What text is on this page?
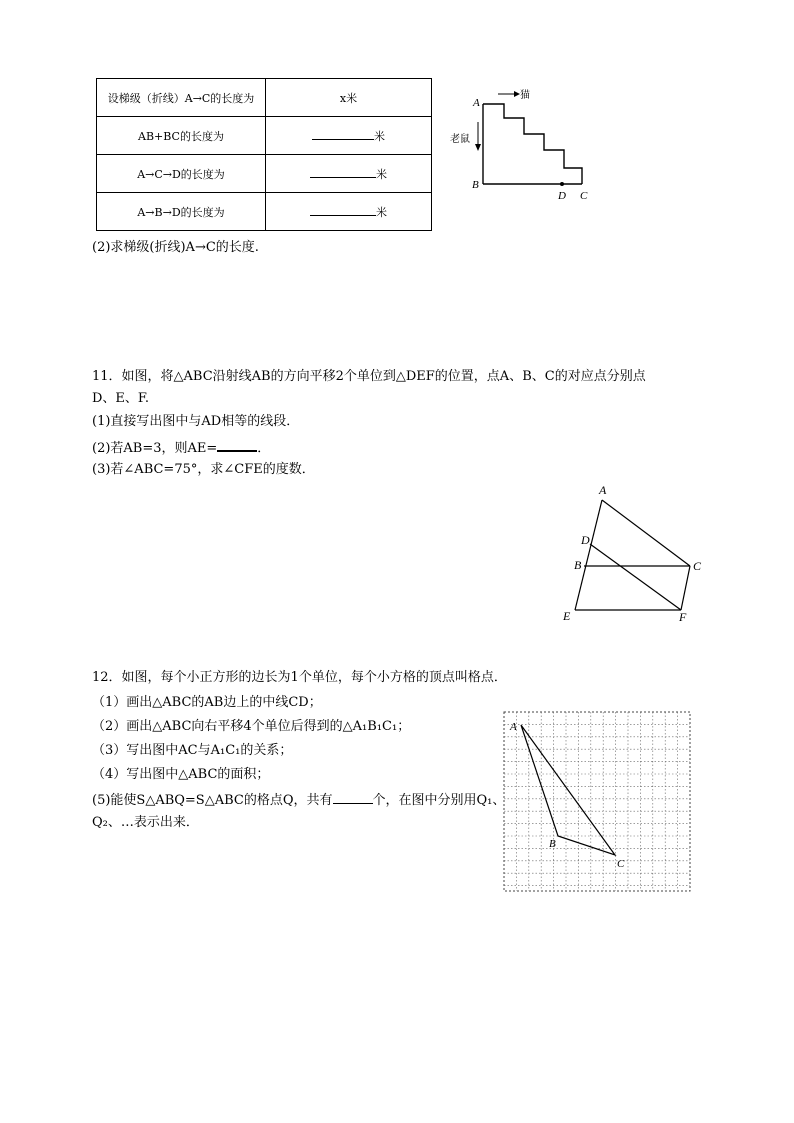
设梯级（折线）A→C的长度为	x米
AB+BC的长度为	米
A→C→D的长度为	米
A→B→D的长度为	米
A
B
D C
猫
老鼠
(2)求梯级(折线)A→C的长度.
11．如图，将△ABC沿射线AB的方向平移2个单位到△DEF的位置，点A、B、C的对应点分别点
D、E、F.
(1)直接写出图中与AD相等的线段．
(2)若AB=3，则AE=	．
(3)若∠ABC=75°，求∠CFE的度数．
A
D
B	C
E	F
12．如图，每个小正方形的边长为1个单位，每个小方格的顶点叫格点．
（1）画出△ABC的AB边上的中线CD；
（2）画出△ABC向右平移4个单位后得到的△A₁B₁C₁；
（3）写出图中AC与A₁C₁的关系；
（4）写出图中△ABC的面积；
(5)能使S△ABQ=S△ABC的格点Q，共有	个，在图中分别用Q₁、
Q₂、…表示出来．
A
B
C
